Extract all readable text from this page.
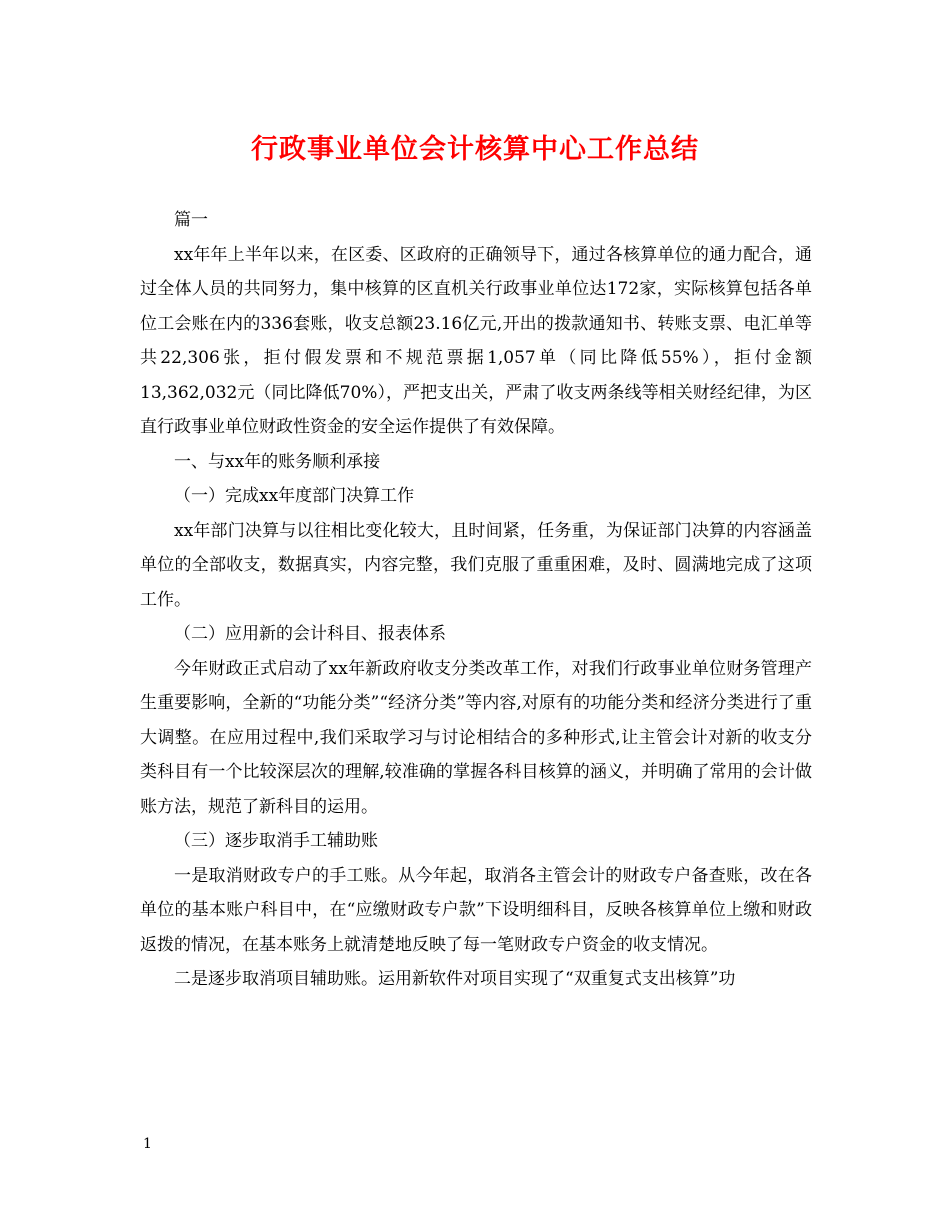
行政事业单位会计核算中心工作总结

篇一

xx年年上半年以来，在区委、区政府的正确领导下，通过各核算单位的通力配合，通过全体人员的共同努力，集中核算的区直机关行政事业单位达172家，实际核算包括各单位工会账在内的336套账，收支总额23.16亿元,开出的拨款通知书、转账支票、电汇单等共22,306张，拒付假发票和不规范票据1,057单（同比降低55%），拒付金额13,362,032元（同比降低70%），严把支出关，严肃了收支两条线等相关财经纪律，为区直行政事业单位财政性资金的安全运作提供了有效保障。

一、与xx年的账务顺利承接

（一）完成xx年度部门决算工作

xx年部门决算与以往相比变化较大，且时间紧，任务重，为保证部门决算的内容涵盖单位的全部收支，数据真实，内容完整，我们克服了重重困难，及时、圆满地完成了这项工作。

（二）应用新的会计科目、报表体系

今年财政正式启动了xx年新政府收支分类改革工作，对我们行政事业单位财务管理产生重要影响，全新的“功能分类”“经济分类”等内容,对原有的功能分类和经济分类进行了重大调整。在应用过程中,我们采取学习与讨论相结合的多种形式,让主管会计对新的收支分类科目有一个比较深层次的理解,较准确的掌握各科目核算的涵义，并明确了常用的会计做账方法，规范了新科目的运用。

（三）逐步取消手工辅助账

一是取消财政专户的手工账。从今年起，取消各主管会计的财政专户备查账，改在各单位的基本账户科目中，在“应缴财政专户款”下设明细科目，反映各核算单位上缴和财政返拨的情况，在基本账务上就清楚地反映了每一笔财政专户资金的收支情况。

二是逐步取消项目辅助账。运用新软件对项目实现了“双重复式支出核算”功

1
